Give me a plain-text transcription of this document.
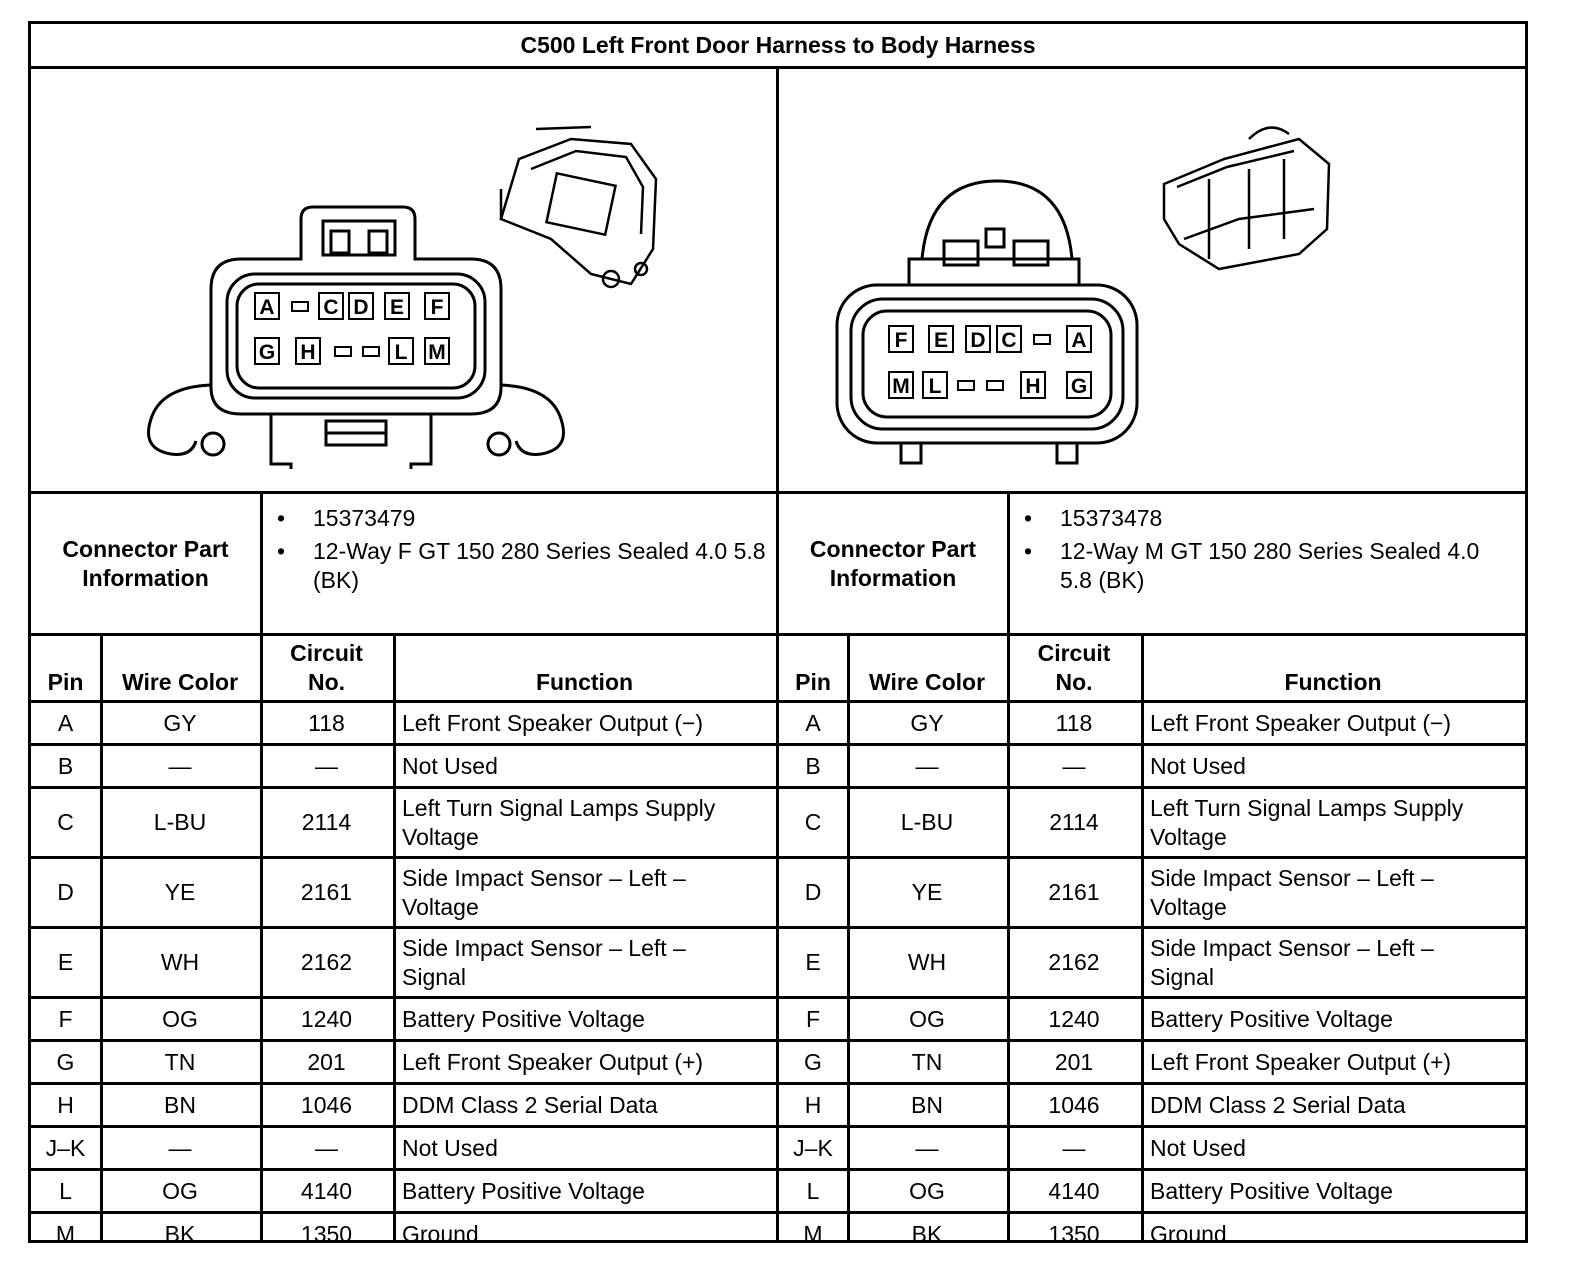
C500 Left Front Door Harness to Body Harness
A C D E F
G H	L M
F E D C	A
M L	H G
Connector Part Information
• 15373479
• 12-Way F GT 150 280 Series Sealed 4.0 5.8 (BK)
Connector Part Information
• 15373478
• 12-Way M GT 150 280 Series Sealed 4.0 5.8 (BK)
Pin	Wire Color
Circuit
No.	Function
A	GY	118	Left Front Speaker Output (−)
B	—	—	Not Used
C	L-BU	2114
Left Turn Signal Lamps Supply Voltage
D	YE	2161
Side Impact Sensor – Left – Voltage
E	WH	2162
Side Impact Sensor – Left – Signal
F	OG	1240	Battery Positive Voltage
G	TN	201	Left Front Speaker Output (+)
H	BN	1046	DDM Class 2 Serial Data
J–K	—	—	Not Used
L	OG	4140	Battery Positive Voltage
M	BK	1350	Ground
Pin	Wire Color
Circuit
No.	Function
A	GY	118	Left Front Speaker Output (−)
B	—	—	Not Used
C	L-BU	2114
Left Turn Signal Lamps Supply Voltage
D	YE	2161
Side Impact Sensor – Left – Voltage
E	WH	2162
Side Impact Sensor – Left – Signal
F	OG	1240	Battery Positive Voltage
G	TN	201	Left Front Speaker Output (+)
H	BN	1046	DDM Class 2 Serial Data
J–K	—	—	Not Used
L	OG	4140	Battery Positive Voltage
M	BK	1350	Ground
